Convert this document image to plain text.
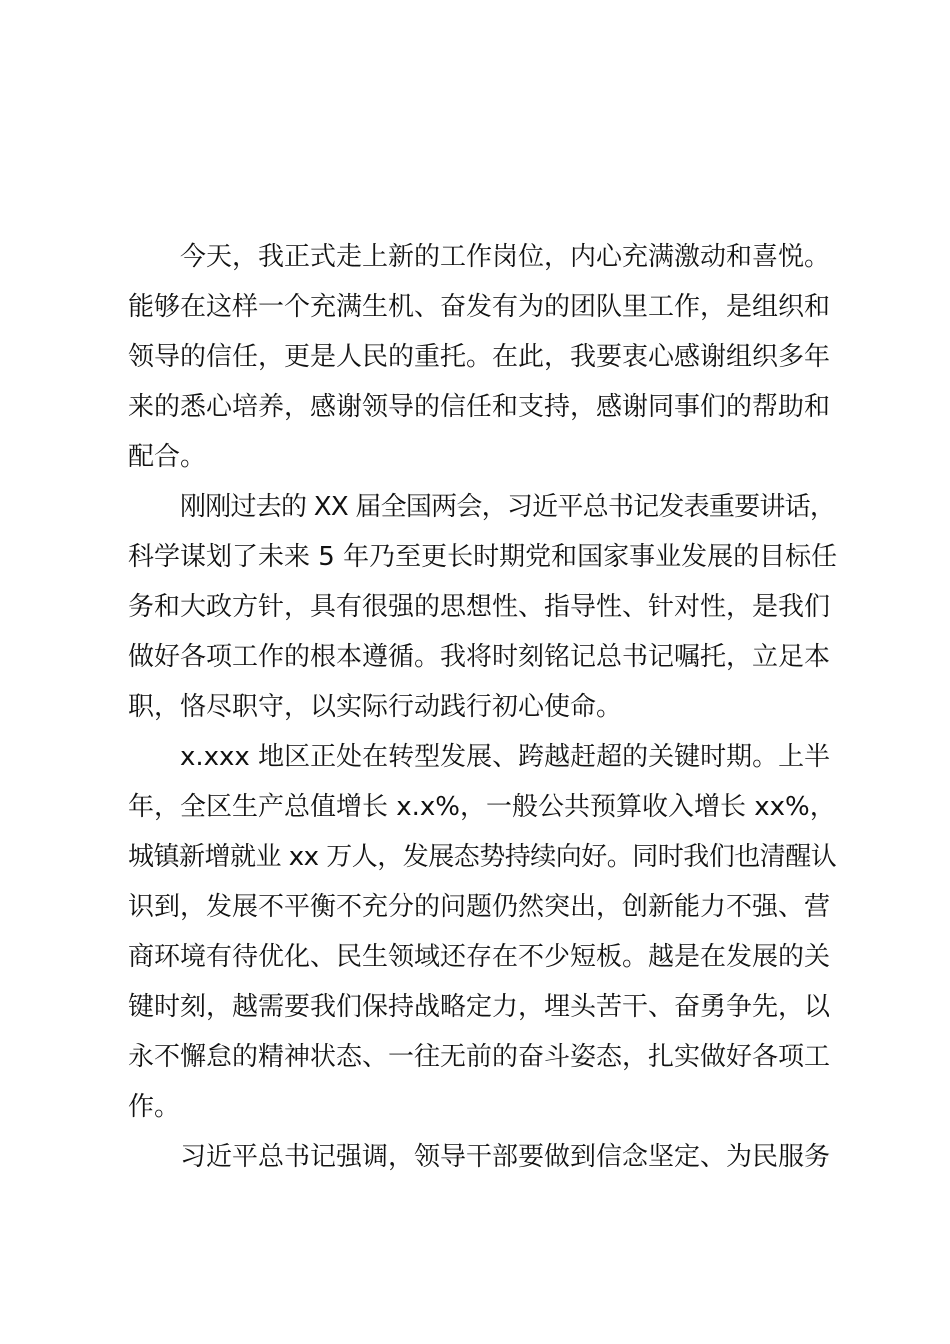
今天，我正式走上新的工作岗位，内心充满激动和喜悦。
能够在这样一个充满生机、奋发有为的团队里工作，是组织和
领导的信任，更是人民的重托。在此，我要衷心感谢组织多年
来的悉心培养，感谢领导的信任和支持，感谢同事们的帮助和
配合。
刚刚过去的 XX 届全国两会，习近平总书记发表重要讲话，
科学谋划了未来 5 年乃至更长时期党和国家事业发展的目标任
务和大政方针，具有很强的思想性、指导性、针对性，是我们
做好各项工作的根本遵循。我将时刻铭记总书记嘱托，立足本
职，恪尽职守，以实际行动践行初心使命。
x.xxx 地区正处在转型发展、跨越赶超的关键时期。上半
年，全区生产总值增长 x.x%，一般公共预算收入增长 xx%，
城镇新增就业 xx 万人，发展态势持续向好。同时我们也清醒认
识到，发展不平衡不充分的问题仍然突出，创新能力不强、营
商环境有待优化、民生领域还存在不少短板。越是在发展的关
键时刻，越需要我们保持战略定力，埋头苦干、奋勇争先，以
永不懈怠的精神状态、一往无前的奋斗姿态，扎实做好各项工
作。
习近平总书记强调，领导干部要做到信念坚定、为民服务
